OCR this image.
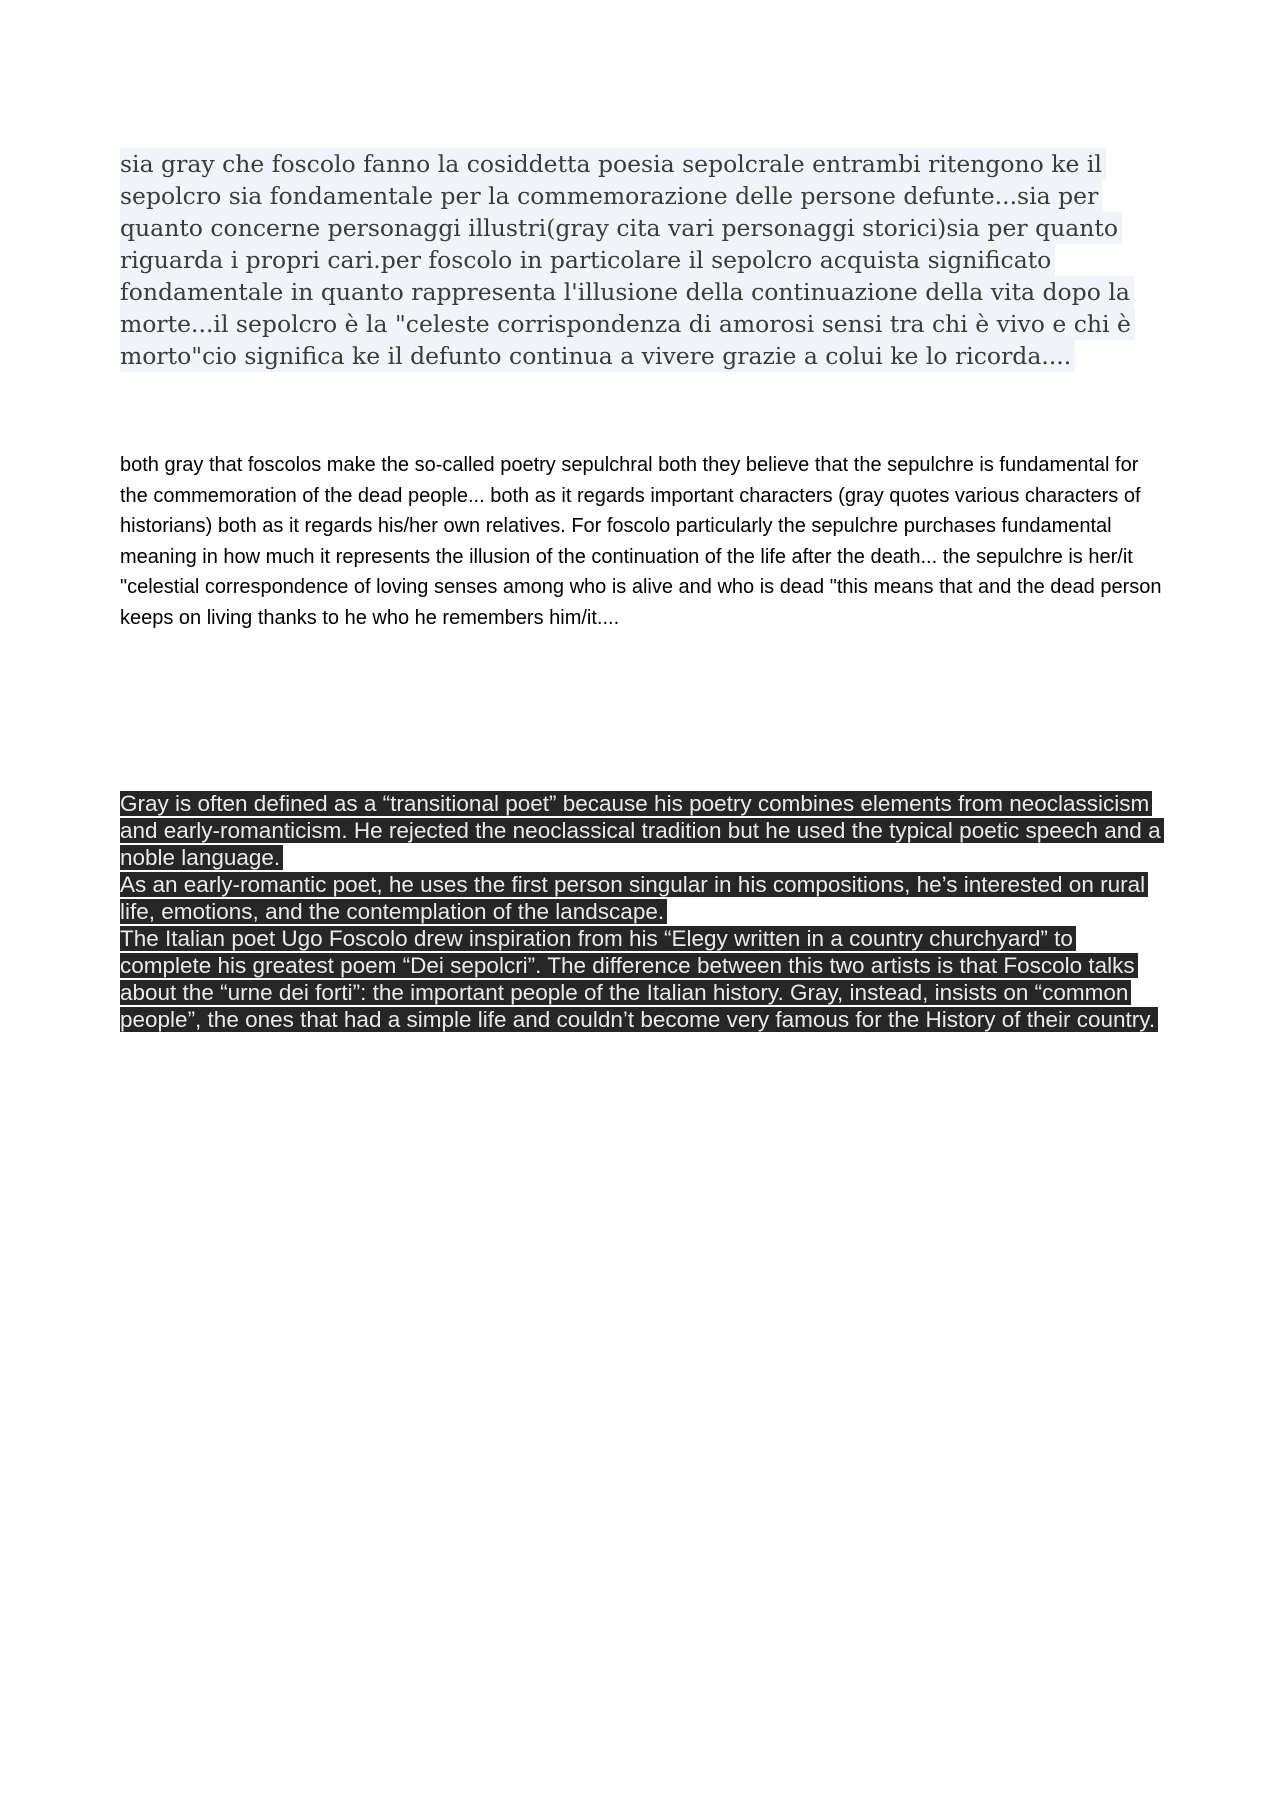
sia gray che foscolo fanno la cosiddetta poesia sepolcrale entrambi ritengono ke il sepolcro sia fondamentale per la commemorazione delle persone defunte...sia per quanto concerne personaggi illustri(gray cita vari personaggi storici)sia per quanto riguarda i propri cari.per foscolo in particolare il sepolcro acquista significato fondamentale in quanto rappresenta l'illusione della continuazione della vita dopo la morte...il sepolcro è la "celeste corrispondenza di amorosi sensi tra chi è vivo e chi è morto"cio significa ke il defunto continua a vivere grazie a colui ke lo ricorda....

both gray that foscolos make the so-called poetry sepulchral both they believe that the sepulchre is fundamental for the commemoration of the dead people... both as it regards important characters (gray quotes various characters of historians) both as it regards his/her own relatives. For foscolo particularly the sepulchre purchases fundamental meaning in how much it represents the illusion of the continuation of the life after the death... the sepulchre is her/it "celestial correspondence of loving senses among who is alive and who is dead "this means that and the dead person keeps on living thanks to he who he remembers him/it....

Gray is often defined as a “transitional poet” because his poetry combines elements from neoclassicism and early-romanticism. He rejected the neoclassical tradition but he used the typical poetic speech and a noble language.

As an early-romantic poet, he uses the first person singular in his compositions, he’s interested on rural life, emotions, and the contemplation of the landscape.

The Italian poet Ugo Foscolo drew inspiration from his “Elegy written in a country churchyard” to complete his greatest poem “Dei sepolcri”. The difference between this two artists is that Foscolo talks about the “urne dei forti”: the important people of the Italian history. Gray, instead, insists on “common people”, the ones that had a simple life and couldn’t become very famous for the History of their country.
